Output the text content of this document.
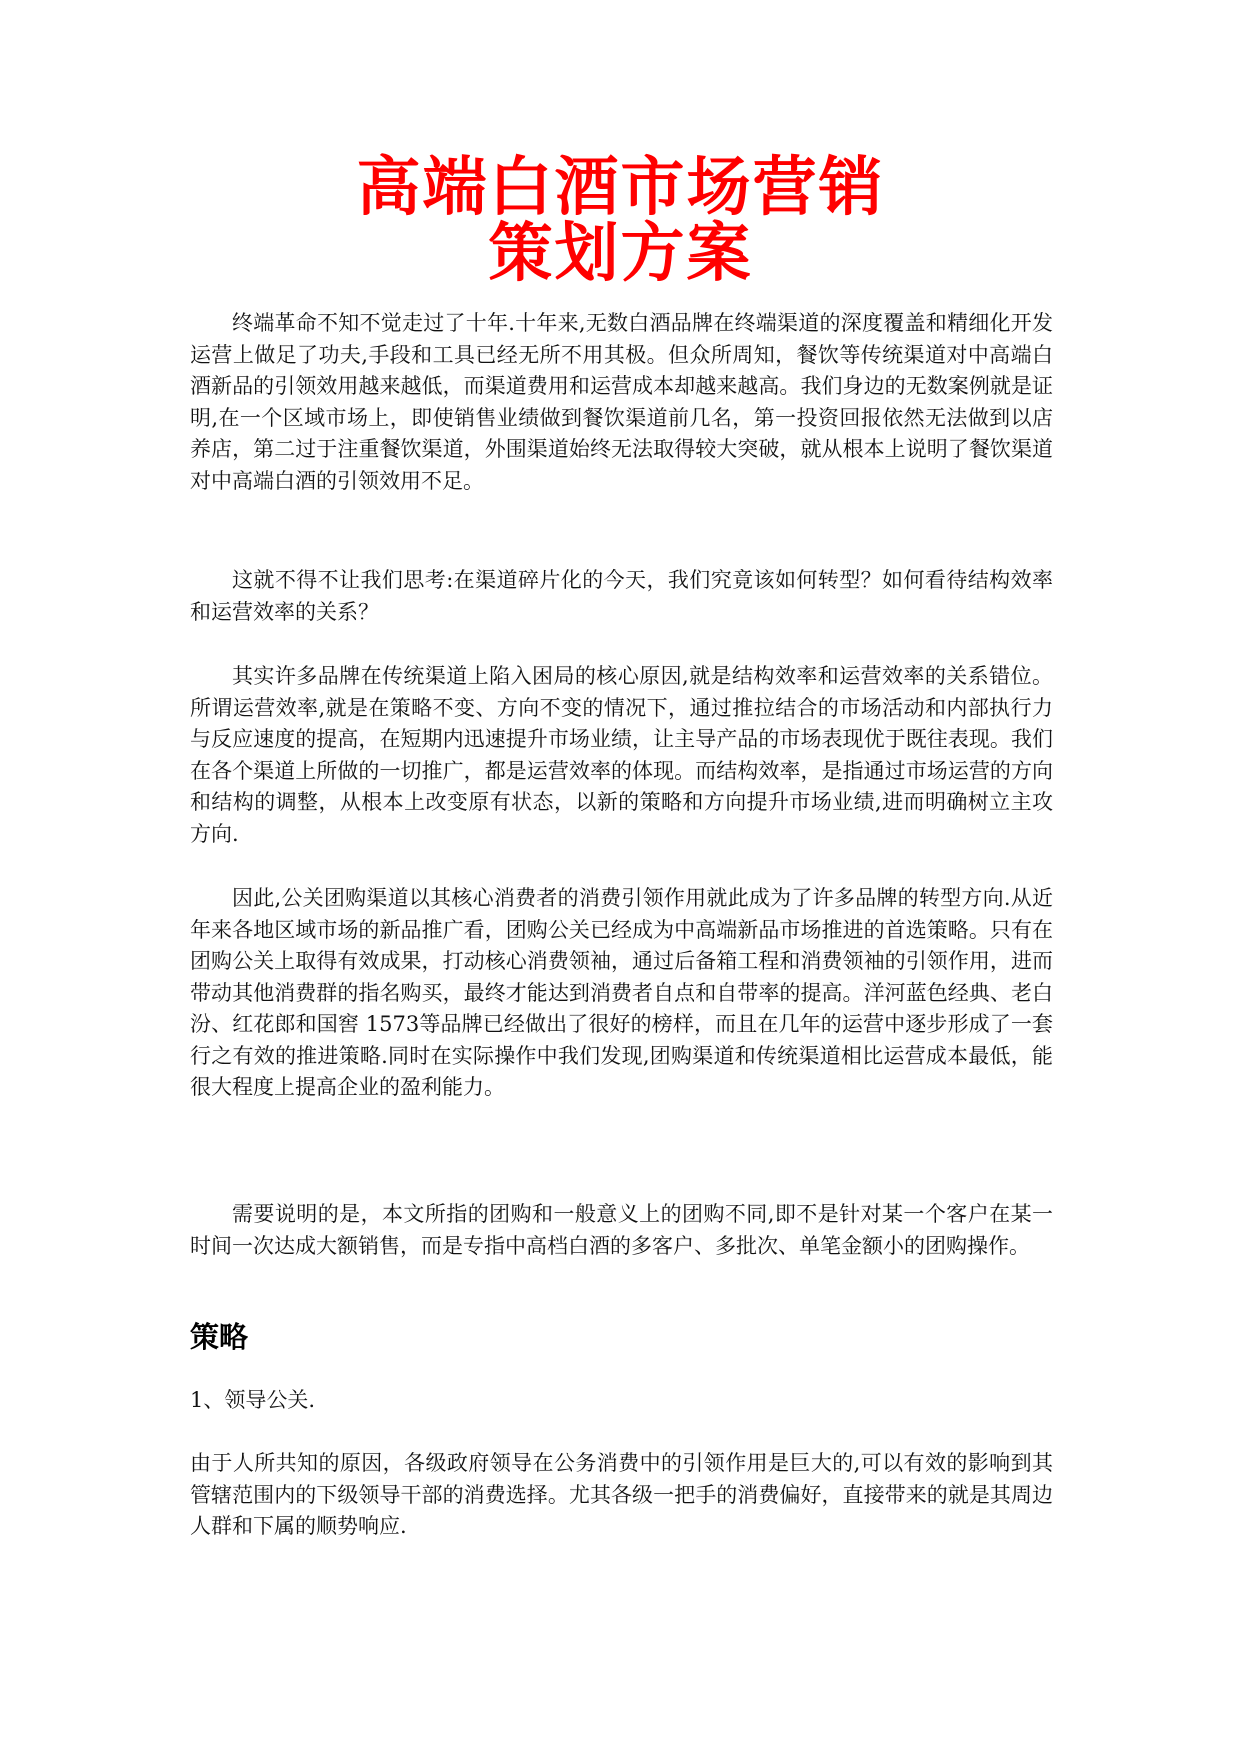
高端白酒市场营销
策划方案

终端革命不知不觉走过了十年.十年来,无数白酒品牌在终端渠道的深度覆盖和精细化开发运营上做足了功夫,手段和工具已经无所不用其极。但众所周知，餐饮等传统渠道对中高端白酒新品的引领效用越来越低，而渠道费用和运营成本却越来越高。我们身边的无数案例就是证明,在一个区域市场上，即使销售业绩做到餐饮渠道前几名，第一投资回报依然无法做到以店养店，第二过于注重餐饮渠道，外围渠道始终无法取得较大突破，就从根本上说明了餐饮渠道对中高端白酒的引领效用不足。

这就不得不让我们思考:在渠道碎片化的今天，我们究竟该如何转型？如何看待结构效率和运营效率的关系？

其实许多品牌在传统渠道上陷入困局的核心原因,就是结构效率和运营效率的关系错位。所谓运营效率,就是在策略不变、方向不变的情况下，通过推拉结合的市场活动和内部执行力与反应速度的提高，在短期内迅速提升市场业绩，让主导产品的市场表现优于既往表现。我们在各个渠道上所做的一切推广，都是运营效率的体现。而结构效率，是指通过市场运营的方向和结构的调整，从根本上改变原有状态，以新的策略和方向提升市场业绩,进而明确树立主攻方向.

因此,公关团购渠道以其核心消费者的消费引领作用就此成为了许多品牌的转型方向.从近年来各地区域市场的新品推广看，团购公关已经成为中高端新品市场推进的首选策略。只有在团购公关上取得有效成果，打动核心消费领袖，通过后备箱工程和消费领袖的引领作用，进而带动其他消费群的指名购买，最终才能达到消费者自点和自带率的提高。洋河蓝色经典、老白汾、红花郎和国窖 1573等品牌已经做出了很好的榜样，而且在几年的运营中逐步形成了一套行之有效的推进策略.同时在实际操作中我们发现,团购渠道和传统渠道相比运营成本最低，能很大程度上提高企业的盈利能力。

需要说明的是，本文所指的团购和一般意义上的团购不同,即不是针对某一个客户在某一时间一次达成大额销售，而是专指中高档白酒的多客户、多批次、单笔金额小的团购操作。

策略

1、领导公关.

由于人所共知的原因，各级政府领导在公务消费中的引领作用是巨大的,可以有效的影响到其管辖范围内的下级领导干部的消费选择。尤其各级一把手的消费偏好，直接带来的就是其周边人群和下属的顺势响应.
